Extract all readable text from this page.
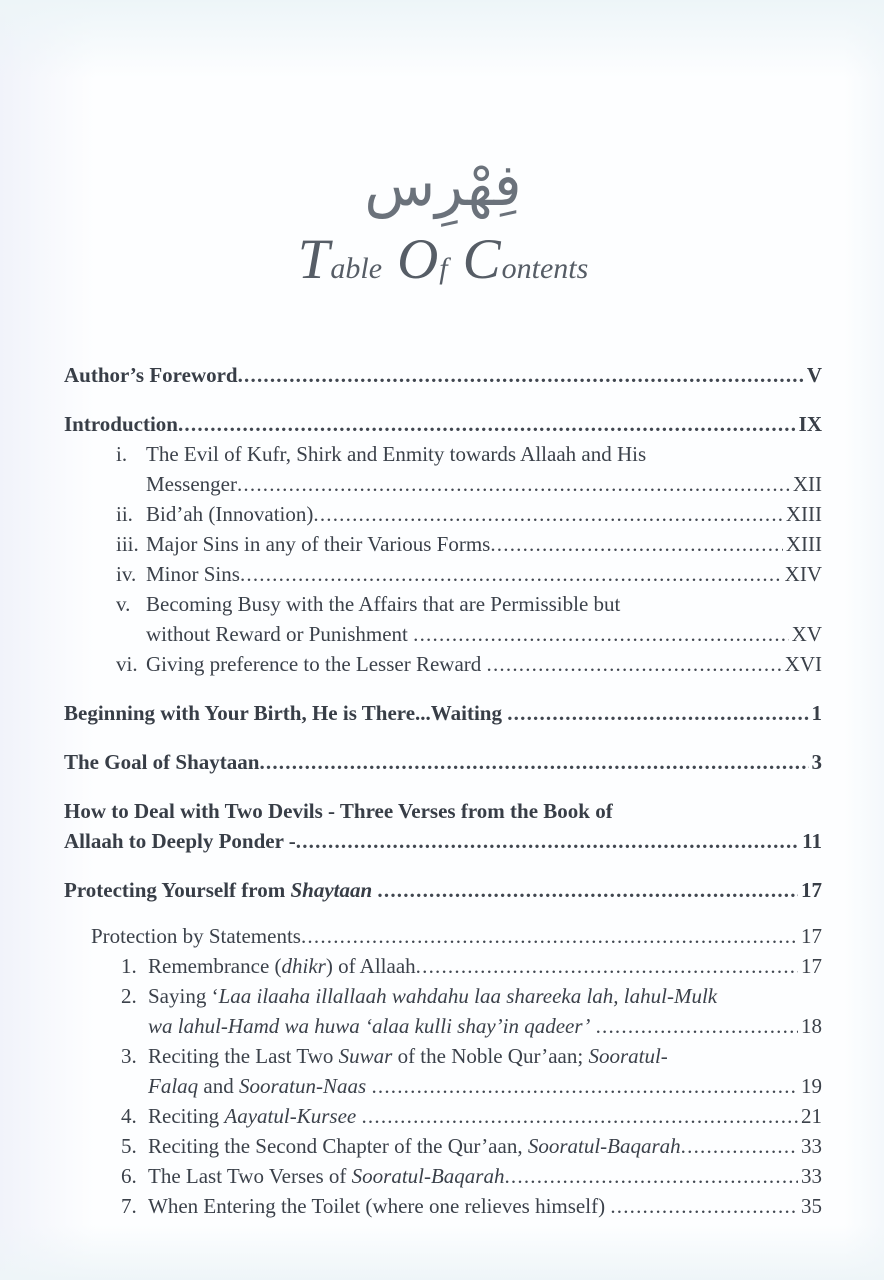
فِهْرِس
Table Of Contents
Author’s Foreword .....	V
Introduction .....	IX
i. The Evil of Kufr, Shirk and Enmity towards Allaah and His
Messenger .....	XII
ii. Bid’ah (Innovation) .....	XIII
iii. Major Sins in any of their Various Forms .....	XIII
iv. Minor Sins .....	XIV
v. Becoming Busy with the Affairs that are Permissible but
without Reward or Punishment .....	XV
vi. Giving preference to the Lesser Reward .....	XVI
Beginning with Your Birth, He is There...Waiting .....	1
The Goal of Shaytaan .....	3
How to Deal with Two Devils - Three Verses from the Book of
Allaah to Deeply Ponder - .....	11
Protecting Yourself from Shaytaan .....	17
Protection by Statements .....	17
1. Remembrance (dhikr) of Allaah .....	17
2. Saying ‘Laa ilaaha illallaah wahdahu laa shareeka lah, lahul-Mulk
wa lahul-Hamd wa huwa ‘alaa kulli shay’in qadeer’ .....	18
3. Reciting the Last Two Suwar of the Noble Qur’aan; Sooratul-
Falaq and Sooratun-Naas .....	19
4. Reciting Aayatul-Kursee .....	21
5. Reciting the Second Chapter of the Qur’aan, Sooratul-Baqarah .....	33
6. The Last Two Verses of Sooratul-Baqarah .....	33
7. When Entering the Toilet (where one relieves himself) .....	35
